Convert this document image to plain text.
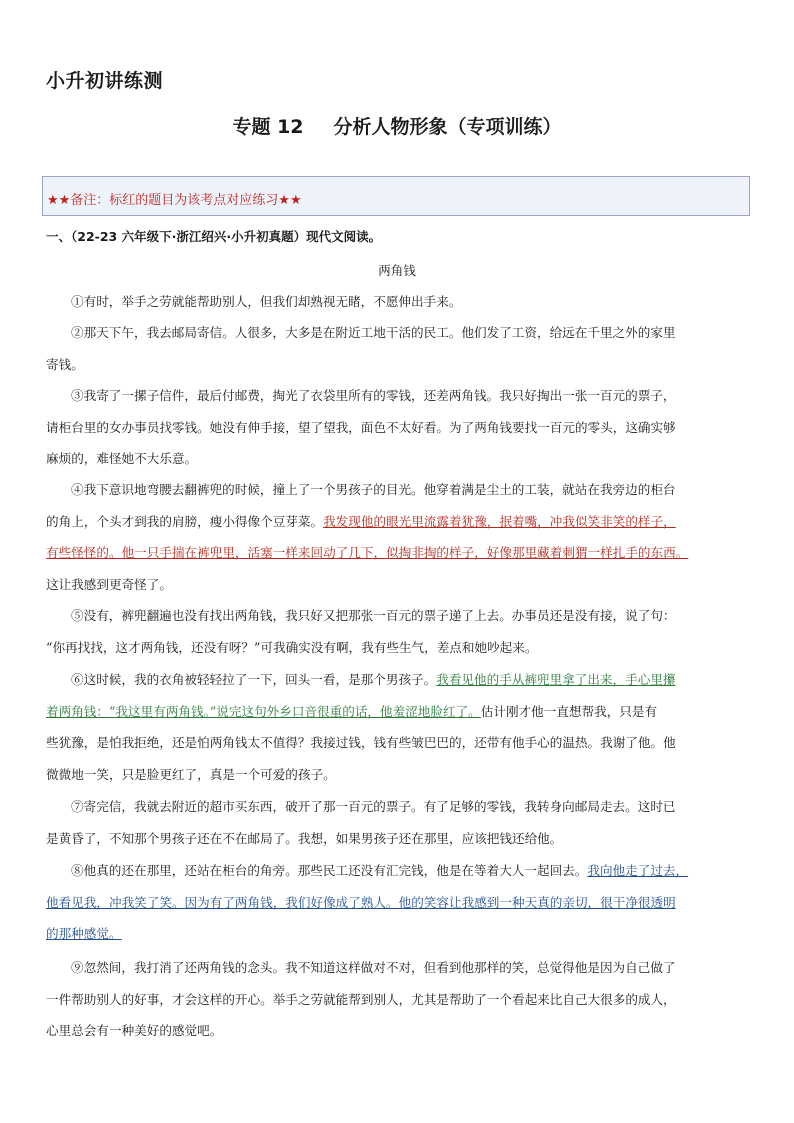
小升初讲练测
专题 12 分析人物形象（专项训练）
★★备注：标红的题目为该考点对应练习★★
一、（22-23 六年级下·浙江绍兴·小升初真题）现代文阅读。
两角钱
①有时，举手之劳就能帮助别人，但我们却熟视无睹，不愿伸出手来。
②那天下午，我去邮局寄信。人很多，大多是在附近工地干活的民工。他们发了工资，给远在千里之外的家里
寄钱。
③我寄了一摞子信件，最后付邮费，掏光了衣袋里所有的零钱，还差两角钱。我只好掏出一张一百元的票子，
请柜台里的女办事员找零钱。她没有伸手接，望了望我，面色不太好看。为了两角钱要找一百元的零头，这确实够
麻烦的，难怪她不大乐意。
④我下意识地弯腰去翻裤兜的时候，撞上了一个男孩子的目光。他穿着满是尘土的工装，就站在我旁边的柜台
的角上，个头才到我的肩膀，瘦小得像个豆芽菜。我发现他的眼光里流露着犹豫，抿着嘴，冲我似笑非笑的样子，
有些怪怪的。他一只手揣在裤兜里，活塞一样来回动了几下，似掏非掏的样子，好像那里藏着刺猬一样扎手的东西。
这让我感到更奇怪了。
⑤没有，裤兜翻遍也没有找出两角钱，我只好又把那张一百元的票子递了上去。办事员还是没有接，说了句：
“你再找找，这才两角钱，还没有呀？”可我确实没有啊，我有些生气，差点和她吵起来。
⑥这时候，我的衣角被轻轻拉了一下，回头一看，是那个男孩子。我看见他的手从裤兜里拿了出来，手心里攥
着两角钱：“我这里有两角钱。”说完这句外乡口音很重的话，他羞涩地脸红了。估计刚才他一直想帮我，只是有
些犹豫，是怕我拒绝，还是怕两角钱太不值得？我接过钱，钱有些皱巴巴的，还带有他手心的温热。我谢了他。他
微微地一笑，只是脸更红了，真是一个可爱的孩子。
⑦寄完信，我就去附近的超市买东西，破开了那一百元的票子。有了足够的零钱，我转身向邮局走去。这时已
是黄昏了，不知那个男孩子还在不在邮局了。我想，如果男孩子还在那里，应该把钱还给他。
⑧他真的还在那里，还站在柜台的角旁。那些民工还没有汇完钱，他是在等着大人一起回去。我向他走了过去，
他看见我，冲我笑了笑。因为有了两角钱，我们好像成了熟人。他的笑容让我感到一种天真的亲切，很干净很透明
的那种感觉。
⑨忽然间，我打消了还两角钱的念头。我不知道这样做对不对，但看到他那样的笑，总觉得他是因为自己做了
一件帮助别人的好事，才会这样的开心。举手之劳就能帮到别人，尤其是帮助了一个看起来比自己大很多的成人，
心里总会有一种美好的感觉吧。
